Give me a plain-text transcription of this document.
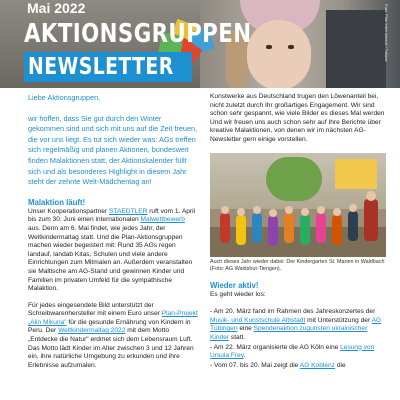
Mai 2022
AKTIONSGRUPPEN
NEWSLETTER
Foto: Plan International / Tatiana

Liebe Aktionsgruppen,

wir hoffen, dass Sie gut durch den Winter gekommen sind und sich mit uns auf die Zeit freuen, die vor uns liegt. Es tut sich wieder was: AGs treffen sich regelmäßig und planen Aktionen, bundesweit finden Malaktionen statt, der Aktionskalender füllt sich und als besonderes Highlight in diesem Jahr steht der zehnte Welt-Mädchentag an!

Malaktion läuft!

Unser Kooperationspartner STAEDTLER ruft vom 1. April bis zum 30. Juni einen internationalen Malwettbewerb aus. Denn am 6. Mai findet, wie jedes Jahr, der Weltkindermaltag statt. Und die Plan-Aktionsgruppen machen wieder begeistert mit: Rund 35 AGs regen landauf, landab Kitas, Schulen und viele andere Einrichtungen zum Mitmalen an. Außerdem veranstalten sie Maltische am AG-Stand und gewinnen Kinder und Familien im privaten Umfeld für die sympathische Malaktion.

Für jedes eingesendete Bild unterstützt der Schreibwarenhersteller mit einem Euro unser Plan-Projekt „Alin Mikuna" für die gesunde Ernährung von Kindern in Peru. Der Weltkindermaltag 2022 mit dem Motto „Entdecke die Natur" erdmet sich dem Lebensraum Luft. Das Motto lädt Kinder im Alter zwischen 3 und 12 Jahren ein, ihre natürliche Umgebung zu erkunden und ihre Erlebnisse aufzumalen.

Kunstwerke aus Deutschland trugen den Löwenanteil bei, nicht zuletzt durch Ihr großartiges Engagement. Wir sind schon sehr gespannt, wie viele Bilder es dieses Mal werden Und wir freuen uns auch schon sehr auf Ihre Berichte über kreative Malaktionen, von denen wir im nächsten AG-Newsletter gern einige vorstellen.

Auch dieses Jahr wieder dabei: Der Kindergarten St. Marien in Waldbach (Foto: AG Waldshut-Tiengen).

Wieder aktiv!

Es geht wieder los:

- Am 20. März fand im Rahmen des Jahreskonzertes der Musik- und Kunstschule Albstadt mit Unterstützung der AG Tübingen eine Spendenaktion zugunsten ukrainischer Kinder statt.

- Am 22. März organisierte die AG Köln eine Lesung von Ursula Frey.

- Vom 07. bis 20. Mai zeigt die AG Koblenz die
